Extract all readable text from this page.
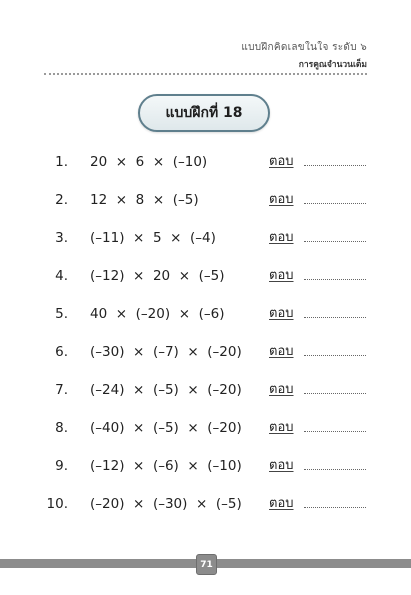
แบบฝึกคิดเลขในใจ ระดับ ๖
การคูณจำนวนเต็ม
แบบฝึกที่ 18
1. 20  ×  6  ×  (–10)	ตอบ
2. 12  ×  8  ×  (–5)	ตอบ
3. (–11)  ×  5  ×  (–4)	ตอบ
4. (–12)  ×  20  ×  (–5)	ตอบ
5. 40  ×  (–20)  ×  (–6)	ตอบ
6. (–30)  ×  (–7)  ×  (–20) ตอบ
7. (–24)  ×  (–5)  ×  (–20) ตอบ
8. (–40)  ×  (–5)  ×  (–20) ตอบ
9. (–12)  ×  (–6)  ×  (–10) ตอบ
10. (–20)  ×  (–30)  ×  (–5) ตอบ
71
